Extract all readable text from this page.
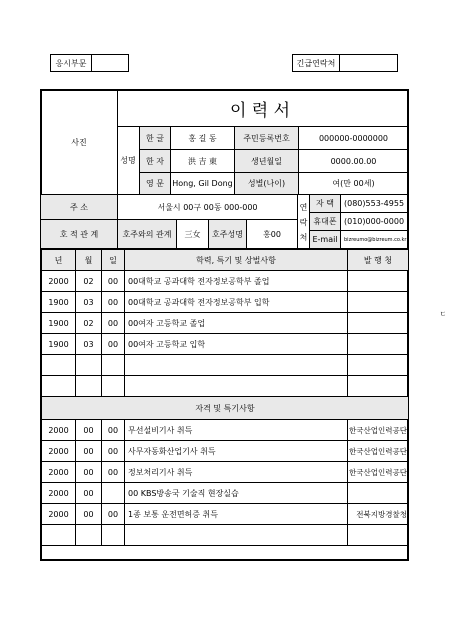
응시부문	긴급연락처
이 력 서
사진
성명
한 글	홍 길 동	주민등록번호	000000-0000000
한 자	洪 吉 東	생년월일	0000.00.00
영 문	Hong, Gil Dong	성별(나이)	여(만 00세)
주 소	서울시 00구 00동 000-000
호 적 관 계	호주와의 관계	三女	호주성명	홍00
연 락 처
자 택	(080)553-4955
휴대폰 (010)000-0000
E-mail	bizreumo@bizreum.co.kr
년	월	일	학력, 특기 및 상벌사항	발 행 청
2000	02	00	00대학교 공과대학 전자정보공학부 졸업	
1900	03	00	00대학교 공과대학 전자정보공학부 입학	
1900	02	00	00여자 고등학교 졸업	
1900	03	00	00여자 고등학교 입학	

자격 및 특기사항				
2000	00	00	무선설비기사 취득	한국산업인력공단
2000	00	00	사무자동화산업기사 취득	한국산업인력공단
2000	00	00	정보처리기사 취득	한국산업인력공단
2000	00		00 KBS방송국 기술직 현장실습	
2000	00	00	1종 보통 운전면허증 취득	전북지방경찰청

ㄷ
